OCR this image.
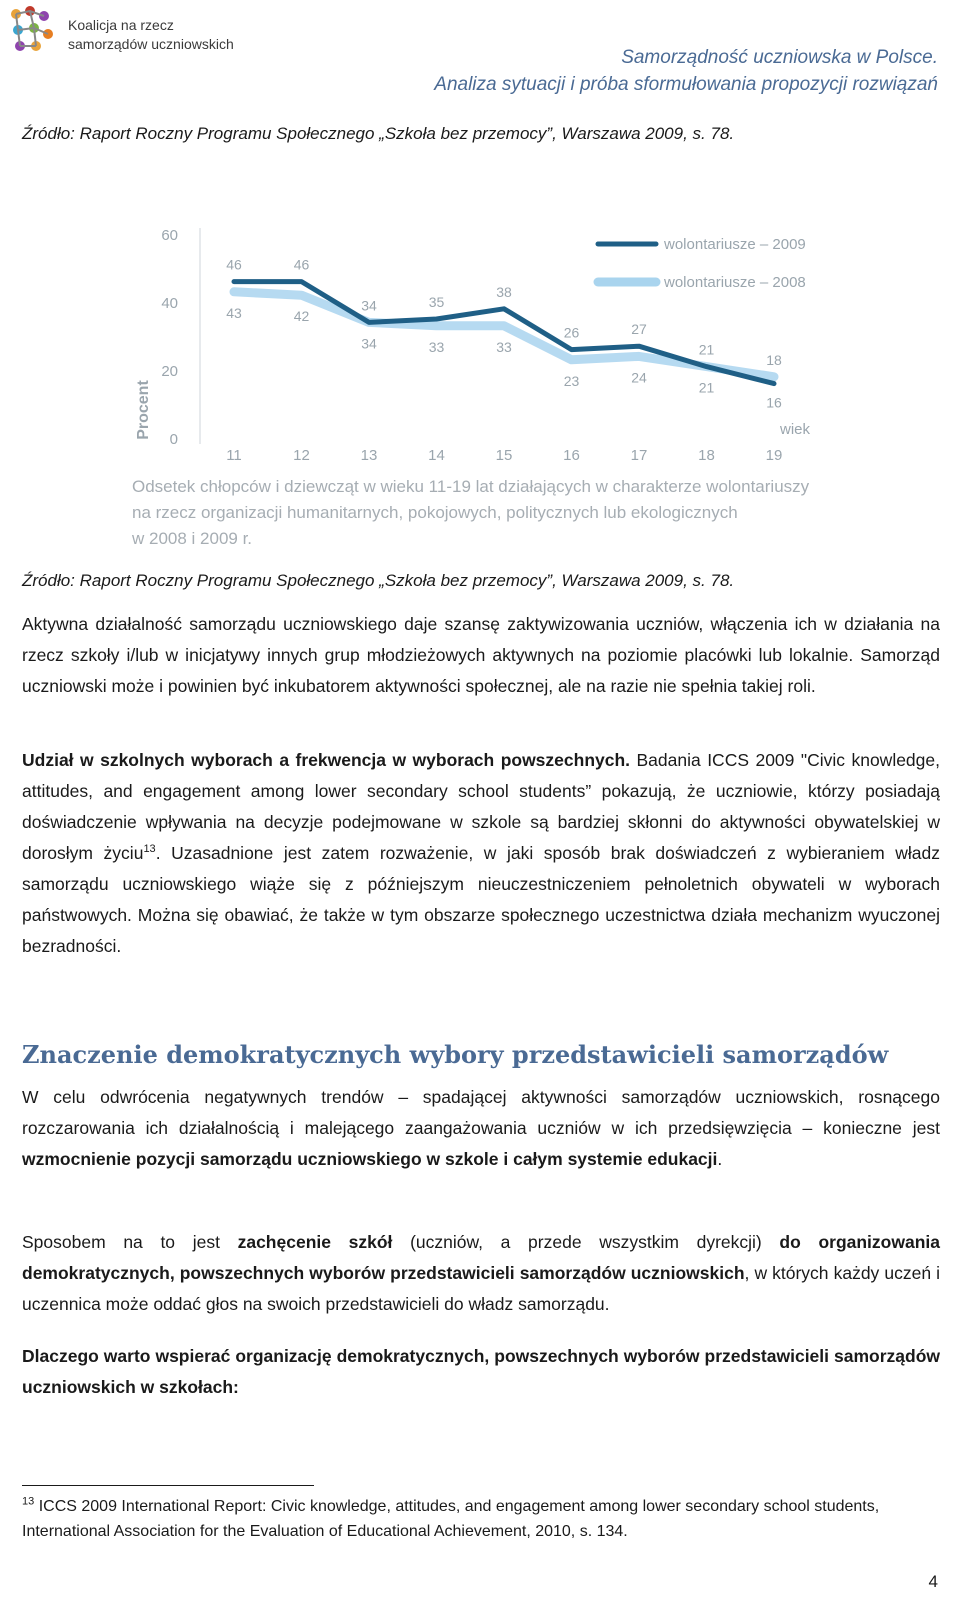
Koalicja na rzecz
samorządów uczniowskich
Samorządność uczniowska w Polsce.
Analiza sytuacji i próba sformułowania propozycji rozwiązań
Źródło: Raport Roczny Programu Społecznego „Szkoła bez przemocy”, Warszawa 2009, s. 78.
0
20
40
60
Procent
11	12	13	14	15	16	17	18	19
wiek
46	46
34	35
38
26	27
21
16
43	42
34	33	33
23	24
21
18
wolontariusze – 2009
wolontariusze – 2008
Odsetek chłopców i dziewcząt w wieku 11-19 lat działających w charakterze wolontariuszy
na rzecz organizacji humanitarnych, pokojowych, politycznych lub ekologicznych
w 2008 i 2009 r.
Źródło: Raport Roczny Programu Społecznego „Szkoła bez przemocy”, Warszawa 2009, s. 78.
Aktywna działalność samorządu uczniowskiego daje szansę zaktywizowania uczniów, włączenia ich w działania na rzecz szkoły i/lub w inicjatywy innych grup młodzieżowych aktywnych na poziomie placówki lub lokalnie. Samorząd uczniowski może i powinien być inkubatorem aktywności społecznej, ale na razie nie spełnia takiej roli.
Udział w szkolnych wyborach a frekwencja w wyborach powszechnych. Badania ICCS 2009 "Civic knowledge, attitudes, and engagement among lower secondary school students” pokazują, że uczniowie, którzy posiadają doświadczenie wpływania na decyzje podejmowane w szkole są bardziej skłonni do aktywności obywatelskiej w dorosłym życiu$^{13}$. Uzasadnione jest zatem rozważenie, w jaki sposób brak doświadczeń z wybieraniem władz samorządu uczniowskiego wiąże się z późniejszym nieuczestniczeniem pełnoletnich obywateli w wyborach państwowych. Można się obawiać, że także w tym obszarze społecznego uczestnictwa działa mechanizm wyuczonej bezradności.
Znaczenie demokratycznych wybory przedstawicieli samorządów
W celu odwrócenia negatywnych trendów – spadającej aktywności samorządów uczniowskich, rosnącego rozczarowania ich działalnością i malejącego zaangażowania uczniów w ich przedsięwzięcia – konieczne jest wzmocnienie pozycji samorządu uczniowskiego w szkole i całym systemie edukacji.
Sposobem na to jest zachęcenie szkół (uczniów, a przede wszystkim dyrekcji) do organizowania demokratycznych, powszechnych wyborów przedstawicieli samorządów uczniowskich, w których każdy uczeń i uczennica może oddać głos na swoich przedstawicieli do władz samorządu.
Dlaczego warto wspierać organizację demokratycznych, powszechnych wyborów przedstawicieli samorządów uczniowskich w szkołach:
$^{13}$ ICCS 2009 International Report: Civic knowledge, attitudes, and engagement among lower secondary school students, International Association for the Evaluation of Educational Achievement, 2010, s. 134.
4
